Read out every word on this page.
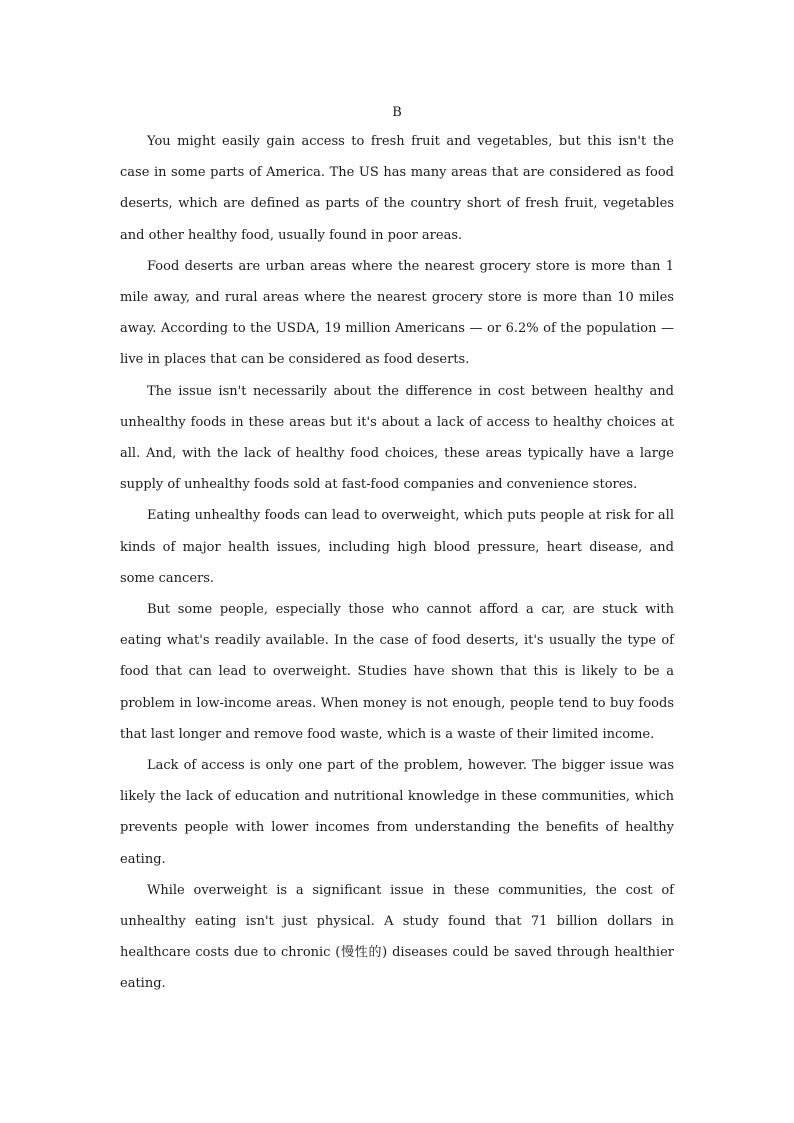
B

You might easily gain access to fresh fruit and vegetables, but this isn't the case in some parts of America. The US has many areas that are considered as food deserts, which are defined as parts of the country short of fresh fruit, vegetables and other healthy food, usually found in poor areas.

Food deserts are urban areas where the nearest grocery store is more than 1 mile away, and rural areas where the nearest grocery store is more than 10 miles away. According to the USDA, 19 million Americans — or 6.2% of the population — live in places that can be considered as food deserts.

The issue isn't necessarily about the difference in cost between healthy and unhealthy foods in these areas but it's about a lack of access to healthy choices at all. And, with the lack of healthy food choices, these areas typically have a large supply of unhealthy foods sold at fast-food companies and convenience stores.

Eating unhealthy foods can lead to overweight, which puts people at risk for all kinds of major health issues, including high blood pressure, heart disease, and some cancers.

But some people, especially those who cannot afford a car, are stuck with eating what's readily available. In the case of food deserts, it's usually the type of food that can lead to overweight. Studies have shown that this is likely to be a problem in low-income areas. When money is not enough, people tend to buy foods that last longer and remove food waste, which is a waste of their limited income.

Lack of access is only one part of the problem, however. The bigger issue was likely the lack of education and nutritional knowledge in these communities, which prevents people with lower incomes from understanding the benefits of healthy eating.

While overweight is a significant issue in these communities, the cost of unhealthy eating isn't just physical. A study found that 71 billion dollars in healthcare costs due to chronic (慢性的) diseases could be saved through healthier eating.
